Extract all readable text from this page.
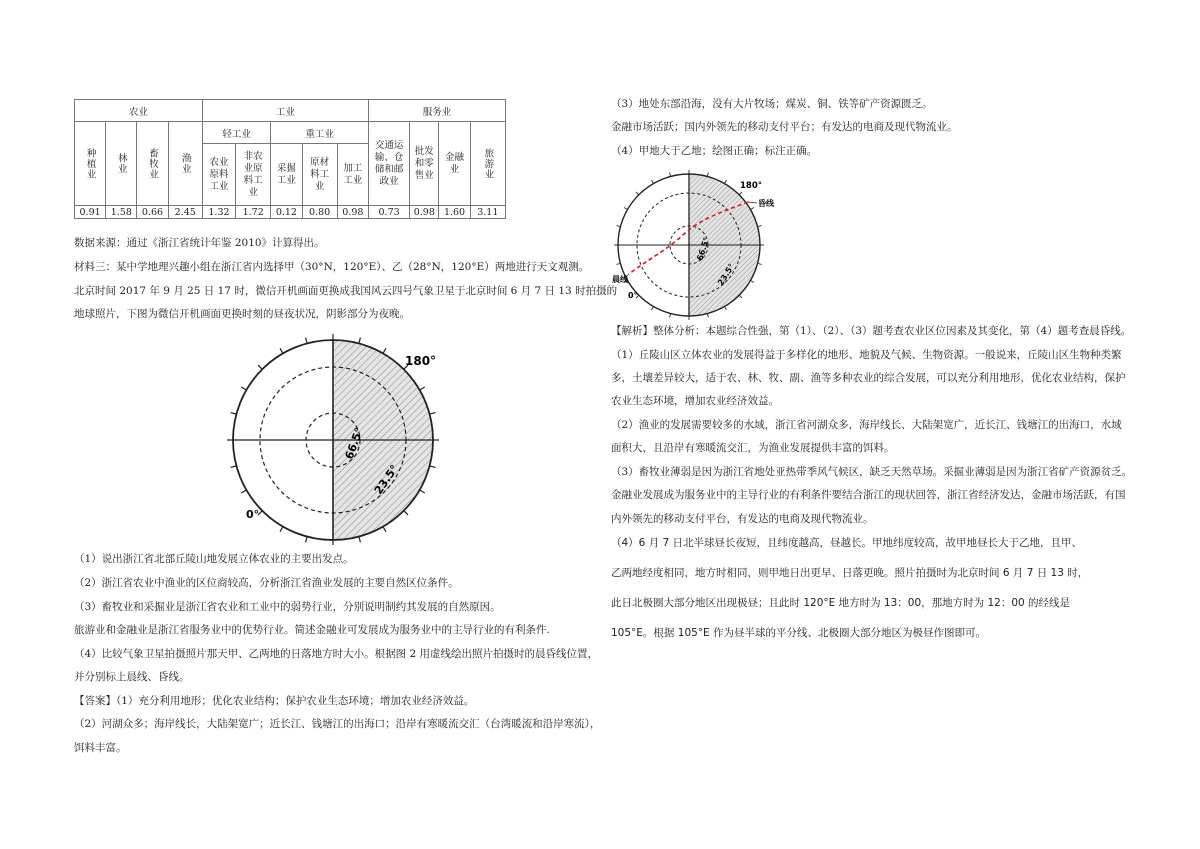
农业				工业					服务业			

种植业	林业	畜牧业	渔业	轻工业		重工业			交通运输、仓储和邮政业	批发和零售业	金融业	旅游业

				农业原料工业	非农业原料工业	采掘工业	原材料工业	加工工业				

0.91	1.58	0.66	2.45	1.32	1.72	0.12	0.80	0.98	0.73	0.98	1.60	3.11

数据来源：通过《浙江省统计年鉴 2010》计算得出。

材料三：某中学地理兴趣小组在浙江省内选择甲（30°N，120°E）、乙（28°N，120°E）两地进行天文观测。

北京时间 2017 年 9 月 25 日 17 时，微信开机画面更换成我国风云四号气象卫星于北京时间 6 月 7 日 13 时拍摄的

地球照片，下图为微信开机画面更换时刻的昼夜状况，阴影部分为夜晚。

180°
0°
66.5°
23.5°

（1）说出浙江省北部丘陵山地发展立体农业的主要出发点。

（2）浙江省农业中渔业的区位商较高，分析浙江省渔业发展的主要自然区位条件。

（3）畜牧业和采掘业是浙江省农业和工业中的弱势行业，分别说明制约其发展的自然原因。

旅游业和金融业是浙江省服务业中的优势行业。简述金融业可发展成为服务业中的主导行业的有利条件.

（4）比较气象卫星拍摄照片那天甲、乙两地的日落地方时大小。根据图 2 用虚线绘出照片拍摄时的晨昏线位置，

并分别标上晨线、昏线。

【答案】（1）充分利用地形；优化农业结构；保护农业生态环境；增加农业经济效益。

（2）河湖众多；海岸线长，大陆架宽广；近长江、钱塘江的出海口；沿岸有寒暖流交汇（台湾暖流和沿岸寒流），

饵料丰富。

（3）地处东部沿海，没有大片牧场；煤炭、铜、铁等矿产资源匮乏。

金融市场活跃；国内外领先的移动支付平台；有发达的电商及现代物流业。

（4）甲地大于乙地；绘图正确；标注正确。

180°
0°
昏线
晨线
66.5°
23.5°

【解析】整体分析：本题综合性强，第（1）、（2）、（3）题考查农业区位因素及其变化，第（4）题考查晨昏线。

（1）丘陵山区立体农业的发展得益于多样化的地形、地貌及气候、生物资源。一般说来，丘陵山区生物种类繁

多，土壤差异较大，适于农、林、牧、副、渔等多种农业的综合发展，可以充分利用地形，优化农业结构，保护

农业生态环境，增加农业经济效益。

（2）渔业的发展需要较多的水域，浙江省河湖众多，海岸线长、大陆架宽广，近长江、钱塘江的出海口，水域

面积大，且沿岸有寒暖流交汇，为渔业发展提供丰富的饵料。

（3）畜牧业薄弱是因为浙江省地处亚热带季风气候区，缺乏天然草场。采掘业薄弱是因为浙江省矿产资源贫乏。

金融业发展成为服务业中的主导行业的有利条件要结合浙江的现状回答，浙江省经济发达，金融市场活跃，有国

内外领先的移动支付平台，有发达的电商及现代物流业。

（4）6 月 7 日北半球昼长夜短，且纬度越高，昼越长。甲地纬度较高，故甲地昼长大于乙地，且甲、

乙两地经度相同，地方时相同，则甲地日出更早、日落更晚。照片拍摄时为北京时间 6 月 7 日 13 时，

此日北极圈大部分地区出现极昼；且此时 120°E 地方时为 13：00，那地方时为 12：00 的经线是

105°E。根据 105°E 作为昼半球的平分线、北极圈大部分地区为极昼作图即可。
